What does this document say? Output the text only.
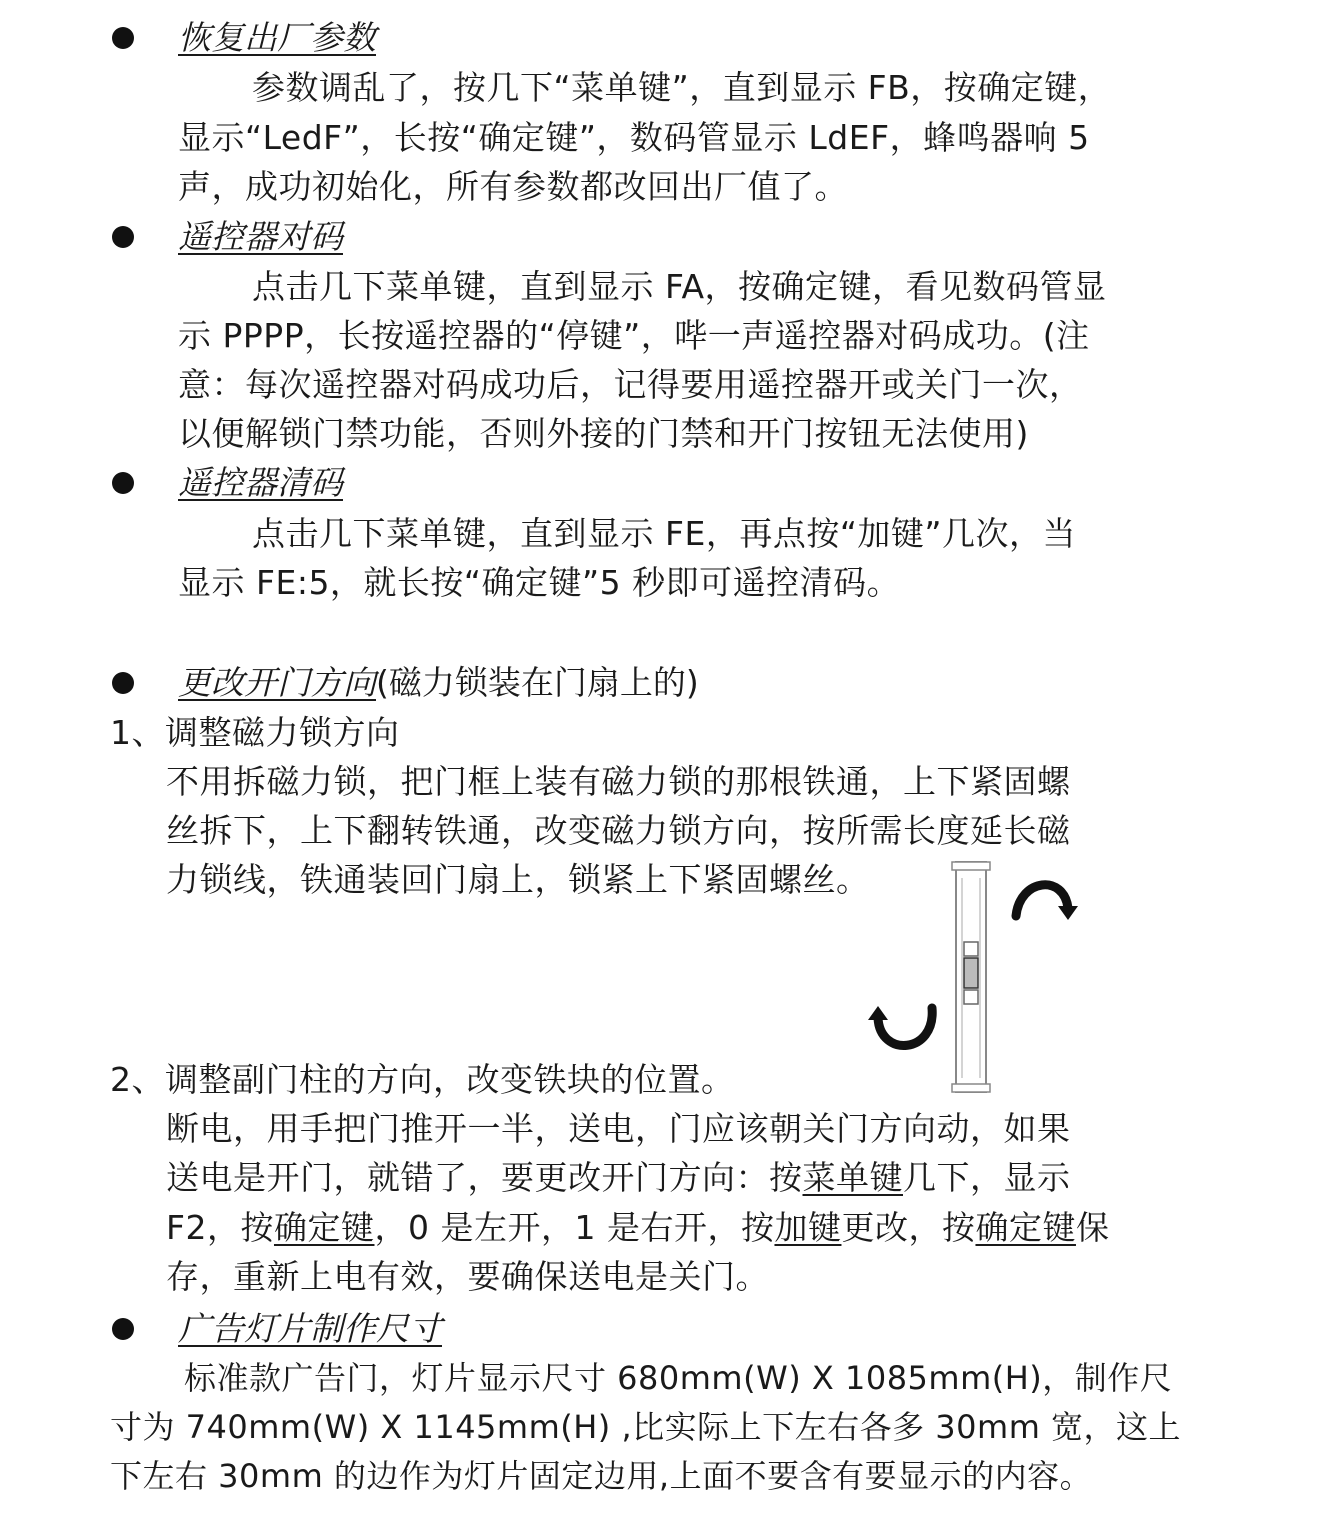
恢复出厂参数
参数调乱了，按几下“菜单键”，直到显示 FB，按确定键，
显示“LedF”，长按“确定键”，数码管显示 LdEF，蜂鸣器响 5
声，成功初始化，所有参数都改回出厂值了。
遥控器对码
点击几下菜单键，直到显示 FA，按确定键，看见数码管显
示 PPPP，长按遥控器的“停键”，哔一声遥控器对码成功。(注
意：每次遥控器对码成功后，记得要用遥控器开或关门一次，
以便解锁门禁功能，否则外接的门禁和开门按钮无法使用)
遥控器清码
点击几下菜单键，直到显示 FE，再点按“加键”几次，当
显示 FE:5，就长按“确定键”5 秒即可遥控清码。
更改开门方向(磁力锁装在门扇上的)
1、调整磁力锁方向
不用拆磁力锁，把门框上装有磁力锁的那根铁通，上下紧固螺
丝拆下，上下翻转铁通，改变磁力锁方向，按所需长度延长磁
力锁线，铁通装回门扇上，锁紧上下紧固螺丝。
2、调整副门柱的方向，改变铁块的位置。
断电，用手把门推开一半，送电，门应该朝关门方向动，如果
送电是开门，就错了，要更改开门方向：按菜单键几下，显示
F2，按确定键，0 是左开，1 是右开，按加键更改，按确定键保
存，重新上电有效，要确保送电是关门。
广告灯片制作尺寸
标准款广告门，灯片显示尺寸 680mm(W) X 1085mm(H)，制作尺
寸为 740mm(W) X 1145mm(H) ,比实际上下左右各多 30mm 宽，这上
下左右 30mm 的边作为灯片固定边用,上面不要含有要显示的内容。
